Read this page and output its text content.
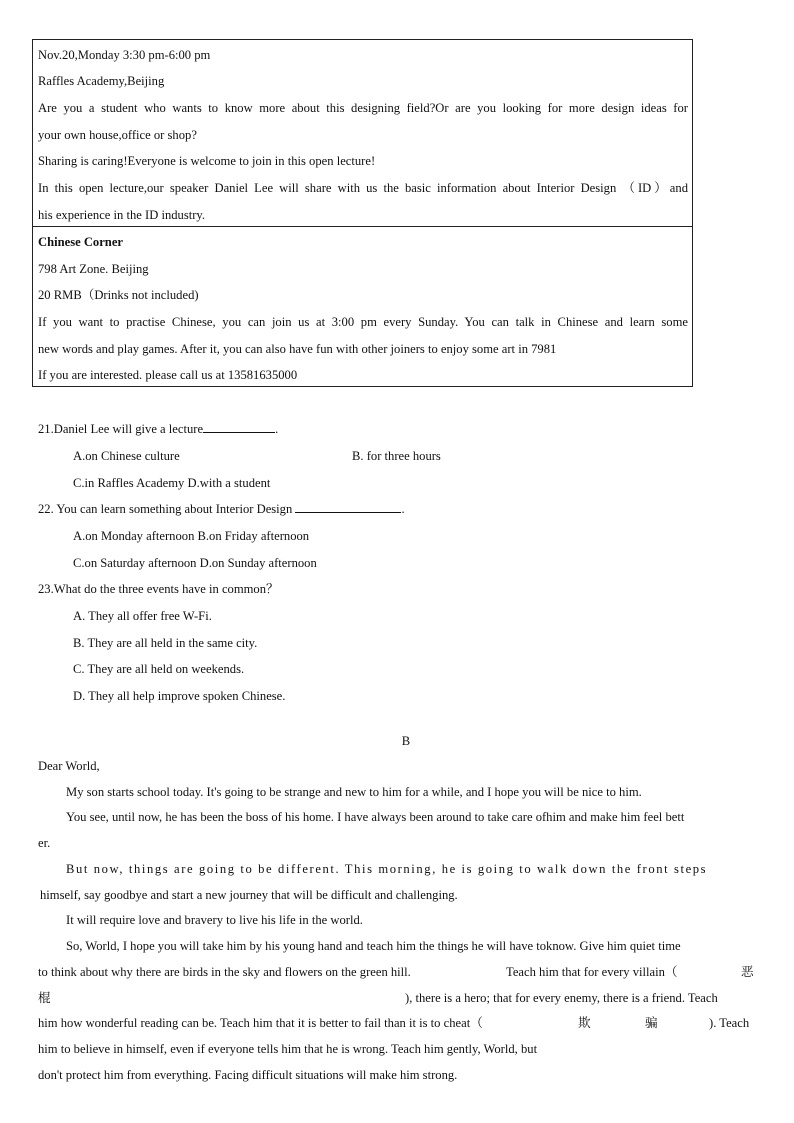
Nov.20,Monday 3:30 pm-6:00 pm
Raffles Academy,Beijing
Are you a student who wants to know more about this designing field?Or are you looking for more design ideas for
your own house,office or shop?
Sharing is caring!Everyone is welcome to join in this open lecture!
In this open lecture,our speaker Daniel Lee will share with us the basic information about Interior Design （ID）and
his experience in the ID industry.
Chinese Corner
798 Art Zone. Beijing
20 RMB（Drinks not included)
If you want to practise Chinese, you can join us at 3:00 pm every Sunday. You can talk in Chinese and learn some
new words and play games. After it, you can also have fun with other joiners to enjoy some art in 7981
If you are interested. please call us at 13581635000
21.Daniel Lee will give a lecture	.
A.on Chinese culture	B. for three hours
C.in Raffles Academy D.with a student
22. You can learn something about Interior Design	.
A.on Monday afternoon B.on Friday afternoon
C.on Saturday afternoon D.on Sunday afternoon
23.What do the three events have in common？
A. They all offer free W-Fi.
B. They are all held in the same city.
C. They are all held on weekends.
D. They all help improve spoken Chinese.
B
Dear World,
My son starts school today. It's going to be strange and new to him for a while, and I hope you will be nice to him.
You see, until now, he has been the boss of his home. I have always been around to take care ofhim and make him feel bett
er.
But now, things are going to be different. This morning, he is going to walk down the front steps
himself, say goodbye and start a new journey that will be difficult and challenging.
It will require love and bravery to live his life in the world.
So, World, I hope you will take him by his young hand and teach him the things he will have toknow. Give him quiet time
to think about why there are birds in the sky and flowers on the green hill.	Teach him that for every villain（	恶
棍	), there is a hero; that for every enemy, there is a friend. Teach
him how wonderful reading can be. Teach him that it is better to fail than it is to cheat（	欺	骗	). Teach
him to believe in himself, even if everyone tells him that he is wrong. Teach him gently, World, but
don't protect him from everything. Facing difficult situations will make him strong.
